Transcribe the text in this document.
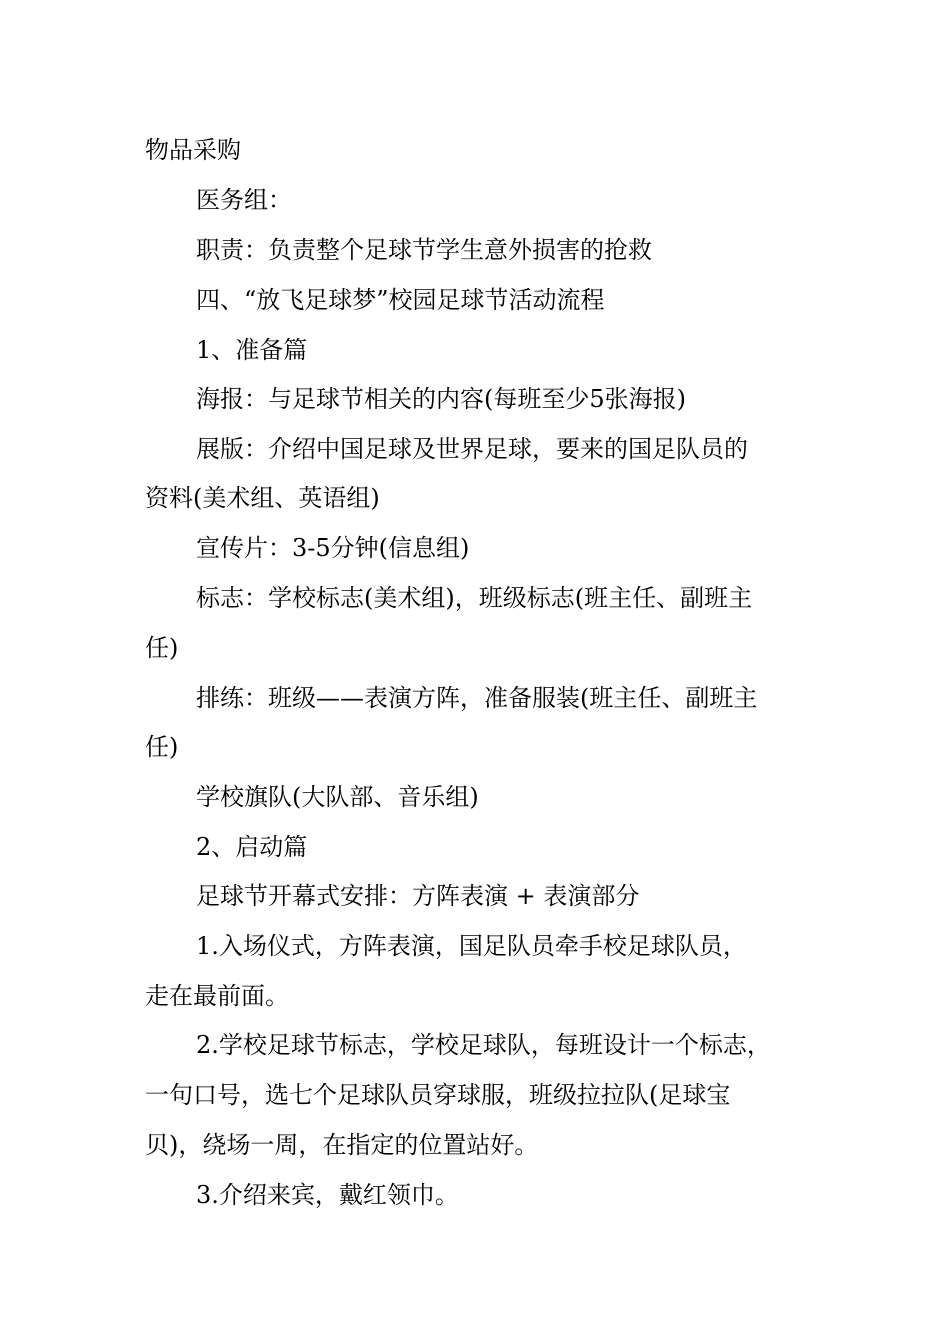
物品采购
医务组：
职责：负责整个足球节学生意外损害的抢救
四、“放飞足球梦”校园足球节活动流程
1、准备篇
海报：与足球节相关的内容(每班至少5张海报)
展版：介绍中国足球及世界足球，要来的国足队员的
资料(美术组、英语组)
宣传片：3-5分钟(信息组)
标志：学校标志(美术组)，班级标志(班主任、副班主
任)
排练：班级——表演方阵，准备服装(班主任、副班主
任)
学校旗队(大队部、音乐组)
2、启动篇
足球节开幕式安排：方阵表演 + 表演部分
1.入场仪式，方阵表演，国足队员牵手校足球队员，
走在最前面。
2.学校足球节标志，学校足球队，每班设计一个标志，
一句口号，选七个足球队员穿球服，班级拉拉队(足球宝
贝)，绕场一周，在指定的位置站好。
3.介绍来宾，戴红领巾。
